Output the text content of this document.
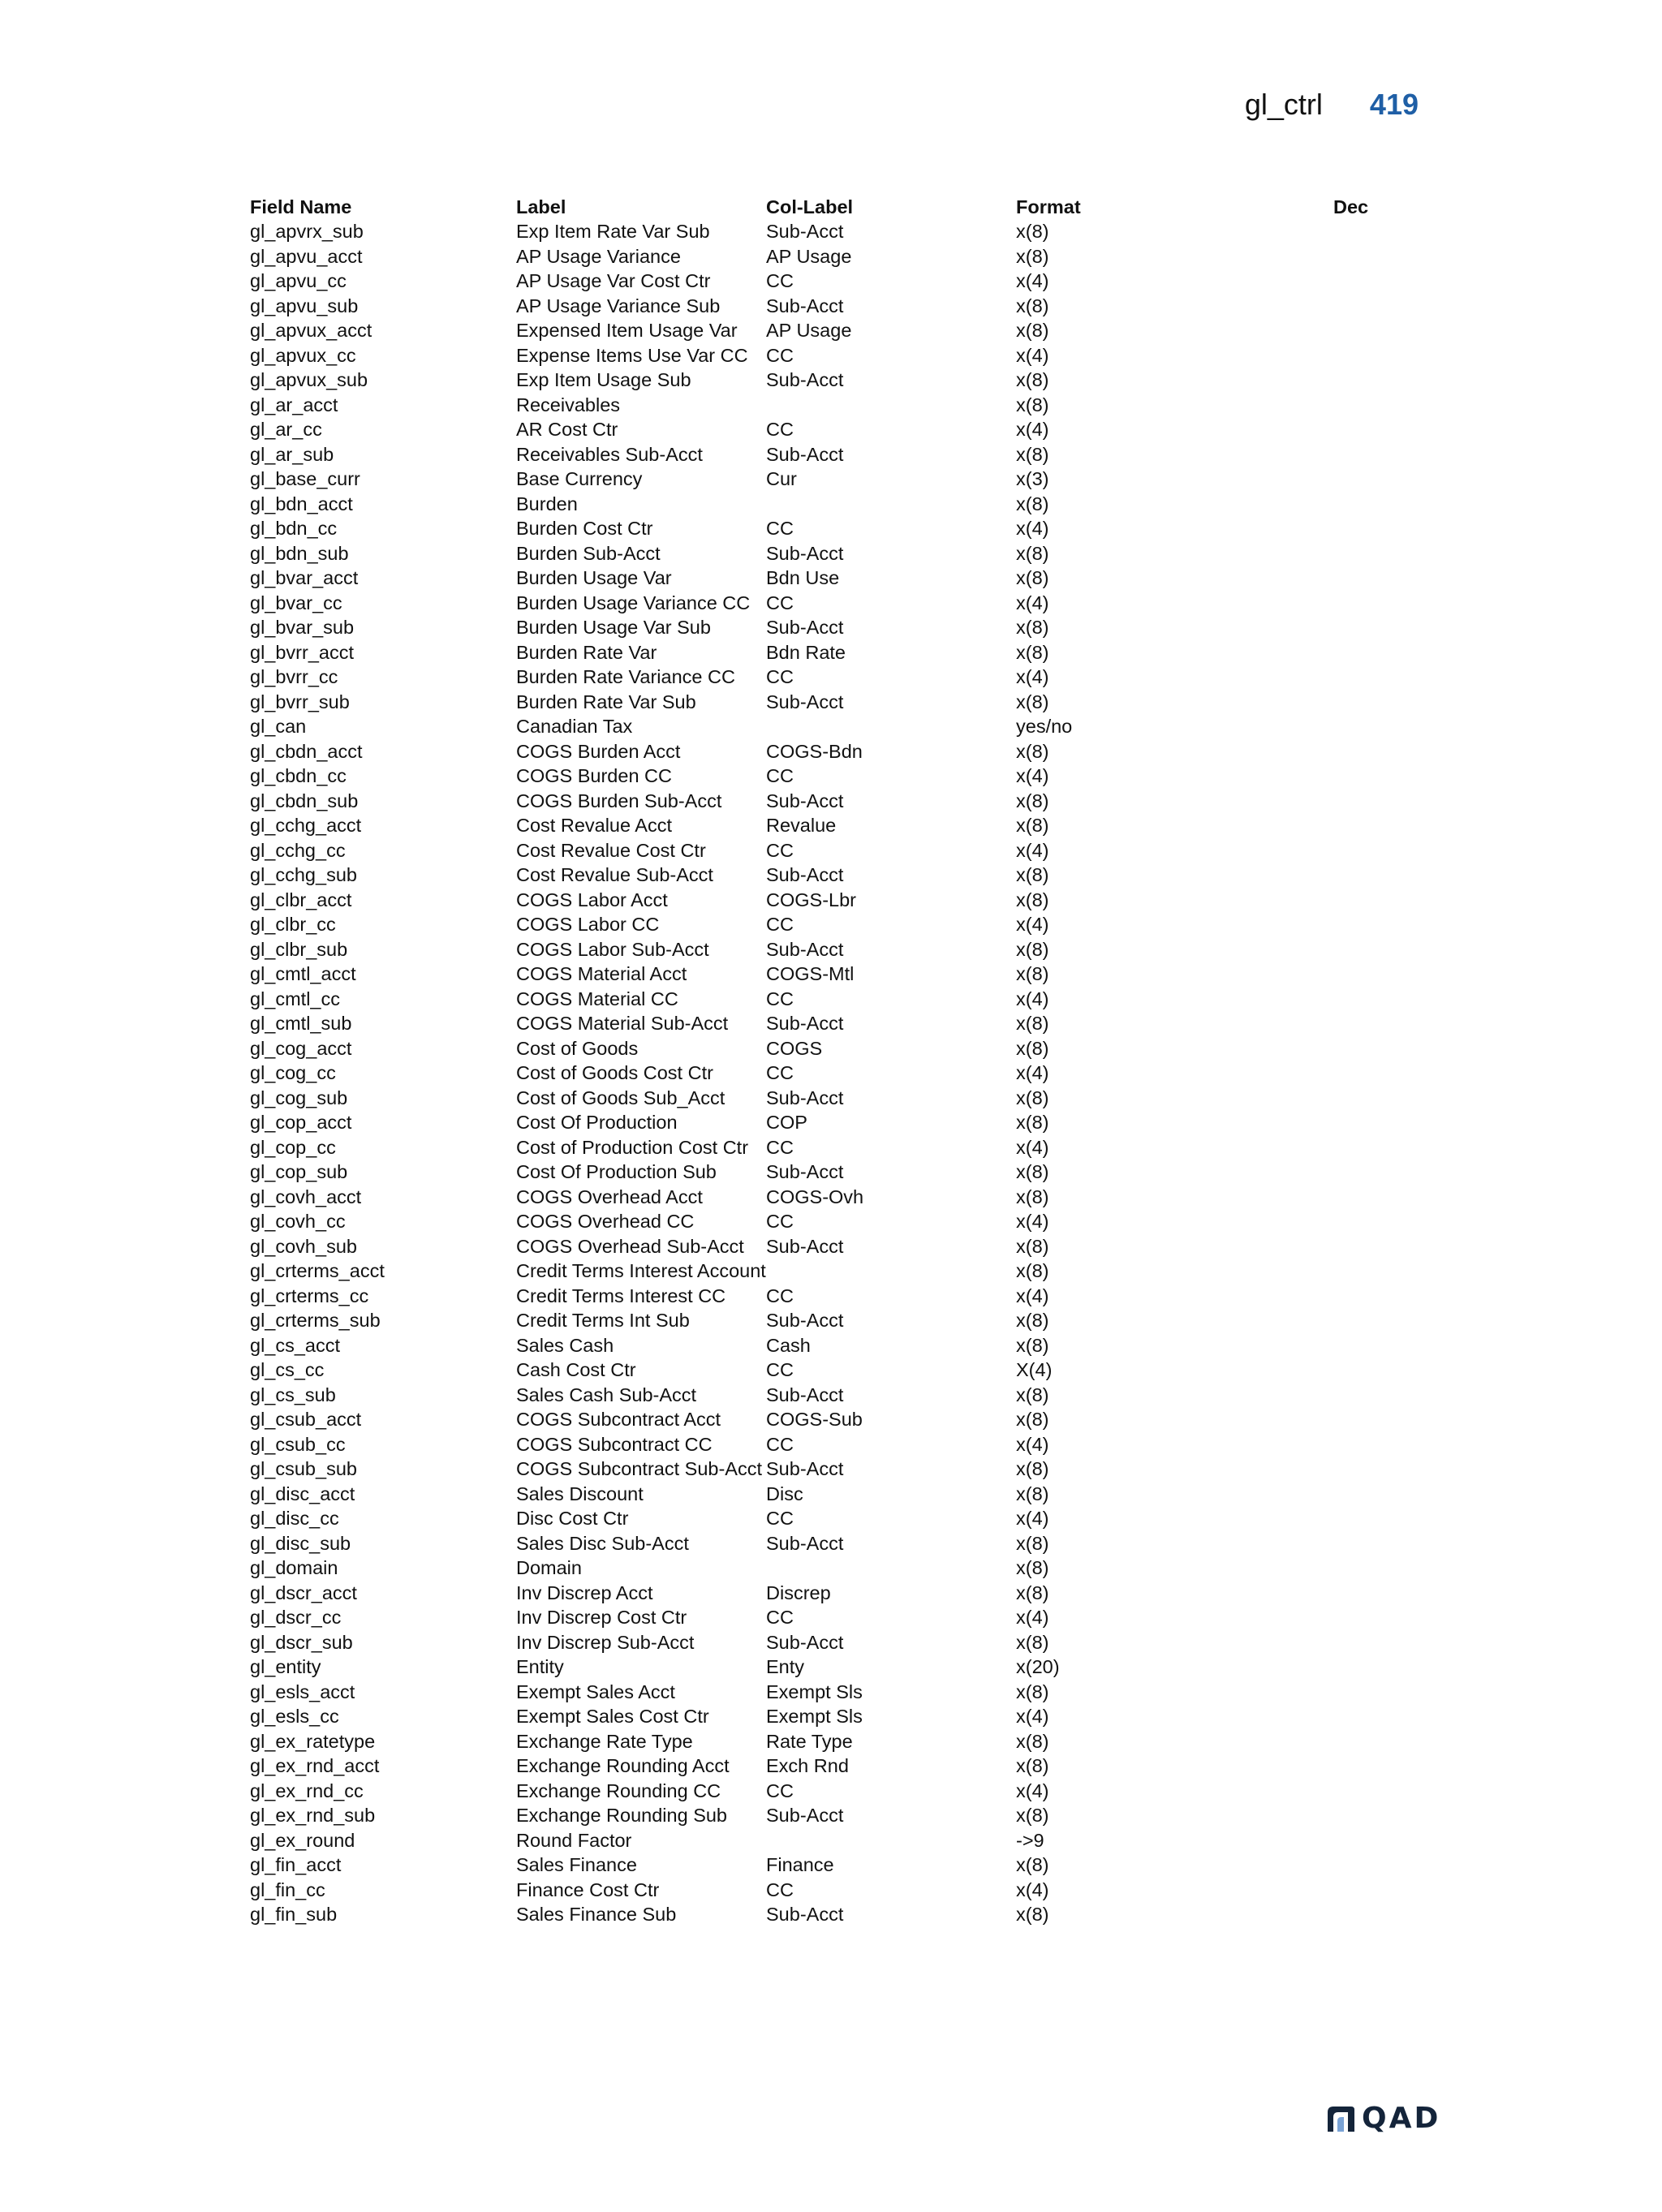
gl_ctrl 419
Field Name	Label	Col-Label	Format	Dec
gl_apvrx_sub	Exp Item Rate Var Sub	Sub-Acct	x(8)	
gl_apvu_acct	AP Usage Variance	AP Usage	x(8)	
gl_apvu_cc	AP Usage Var Cost Ctr	CC	x(4)	
gl_apvu_sub	AP Usage Variance Sub	Sub-Acct	x(8)	
gl_apvux_acct	Expensed Item Usage Var	AP Usage	x(8)	
gl_apvux_cc	Expense Items Use Var CC	CC	x(4)	
gl_apvux_sub	Exp Item Usage Sub	Sub-Acct	x(8)	
gl_ar_acct	Receivables		x(8)	
gl_ar_cc	AR Cost Ctr	CC	x(4)	
gl_ar_sub	Receivables Sub-Acct	Sub-Acct	x(8)	
gl_base_curr	Base Currency	Cur	x(3)	
gl_bdn_acct	Burden		x(8)	
gl_bdn_cc	Burden Cost Ctr	CC	x(4)	
gl_bdn_sub	Burden Sub-Acct	Sub-Acct	x(8)	
gl_bvar_acct	Burden Usage Var	Bdn Use	x(8)	
gl_bvar_cc	Burden Usage Variance CC	CC	x(4)	
gl_bvar_sub	Burden Usage Var Sub	Sub-Acct	x(8)	
gl_bvrr_acct	Burden Rate Var	Bdn Rate	x(8)	
gl_bvrr_cc	Burden Rate Variance CC	CC	x(4)	
gl_bvrr_sub	Burden Rate Var Sub	Sub-Acct	x(8)	
gl_can	Canadian Tax		yes/no	
gl_cbdn_acct	COGS Burden Acct	COGS-Bdn	x(8)	
gl_cbdn_cc	COGS Burden CC	CC	x(4)	
gl_cbdn_sub	COGS Burden Sub-Acct	Sub-Acct	x(8)	
gl_cchg_acct	Cost Revalue Acct	Revalue	x(8)	
gl_cchg_cc	Cost Revalue Cost Ctr	CC	x(4)	
gl_cchg_sub	Cost Revalue Sub-Acct	Sub-Acct	x(8)	
gl_clbr_acct	COGS Labor Acct	COGS-Lbr	x(8)	
gl_clbr_cc	COGS Labor CC	CC	x(4)	
gl_clbr_sub	COGS Labor Sub-Acct	Sub-Acct	x(8)	
gl_cmtl_acct	COGS Material Acct	COGS-Mtl	x(8)	
gl_cmtl_cc	COGS Material CC	CC	x(4)	
gl_cmtl_sub	COGS Material Sub-Acct	Sub-Acct	x(8)	
gl_cog_acct	Cost of Goods	COGS	x(8)	
gl_cog_cc	Cost of Goods Cost Ctr	CC	x(4)	
gl_cog_sub	Cost of Goods Sub_Acct	Sub-Acct	x(8)	
gl_cop_acct	Cost Of Production	COP	x(8)	
gl_cop_cc	Cost of Production Cost Ctr	CC	x(4)	
gl_cop_sub	Cost Of Production Sub	Sub-Acct	x(8)	
gl_covh_acct	COGS Overhead Acct	COGS-Ovh	x(8)	
gl_covh_cc	COGS Overhead CC	CC	x(4)	
gl_covh_sub	COGS Overhead Sub-Acct	Sub-Acct	x(8)	
gl_crterms_acct	Credit Terms Interest Account		x(8)	
gl_crterms_cc	Credit Terms Interest CC	CC	x(4)	
gl_crterms_sub	Credit Terms Int Sub	Sub-Acct	x(8)	
gl_cs_acct	Sales Cash	Cash	x(8)	
gl_cs_cc	Cash Cost Ctr	CC	X(4)	
gl_cs_sub	Sales Cash Sub-Acct	Sub-Acct	x(8)	
gl_csub_acct	COGS Subcontract Acct	COGS-Sub	x(8)	
gl_csub_cc	COGS Subcontract CC	CC	x(4)	
gl_csub_sub	COGS Subcontract Sub-Acct	Sub-Acct	x(8)	
gl_disc_acct	Sales Discount	Disc	x(8)	
gl_disc_cc	Disc Cost Ctr	CC	x(4)	
gl_disc_sub	Sales Disc Sub-Acct	Sub-Acct	x(8)	
gl_domain	Domain		x(8)	
gl_dscr_acct	Inv Discrep Acct	Discrep	x(8)	
gl_dscr_cc	Inv Discrep Cost Ctr	CC	x(4)	
gl_dscr_sub	Inv Discrep Sub-Acct	Sub-Acct	x(8)	
gl_entity	Entity	Enty	x(20)	
gl_esls_acct	Exempt Sales Acct	Exempt Sls	x(8)	
gl_esls_cc	Exempt Sales Cost Ctr	Exempt Sls	x(4)	
gl_ex_ratetype	Exchange Rate Type	Rate Type	x(8)	
gl_ex_rnd_acct	Exchange Rounding Acct	Exch Rnd	x(8)	
gl_ex_rnd_cc	Exchange Rounding CC	CC	x(4)	
gl_ex_rnd_sub	Exchange Rounding Sub	Sub-Acct	x(8)	
gl_ex_round	Round Factor		->9	
gl_fin_acct	Sales Finance	Finance	x(8)	
gl_fin_cc	Finance Cost Ctr	CC	x(4)	
gl_fin_sub	Sales Finance Sub	Sub-Acct	x(8)	
QAD
